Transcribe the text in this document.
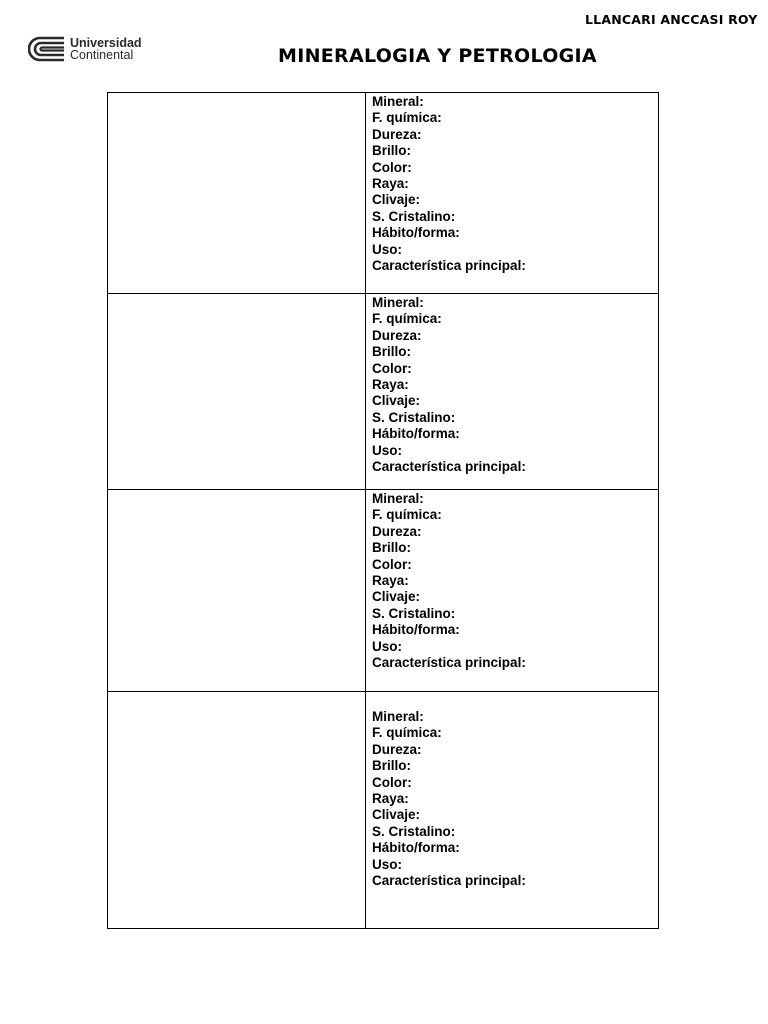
LLANCARI ANCCASI ROY
Universidad
Continental	MINERALOGIA Y PETROLOGIA
Mineral:
F. química:
Dureza:
Brillo:
Color:
Raya:
Clivaje:
S. Cristalino:
Hábito/forma:
Uso:
Característica principal:
Mineral:
F. química:
Dureza:
Brillo:
Color:
Raya:
Clivaje:
S. Cristalino:
Hábito/forma:
Uso:
Característica principal:
Mineral:
F. química:
Dureza:
Brillo:
Color:
Raya:
Clivaje:
S. Cristalino:
Hábito/forma:
Uso:
Característica principal:
Mineral:
F. química:
Dureza:
Brillo:
Color:
Raya:
Clivaje:
S. Cristalino:
Hábito/forma:
Uso:
Característica principal:
